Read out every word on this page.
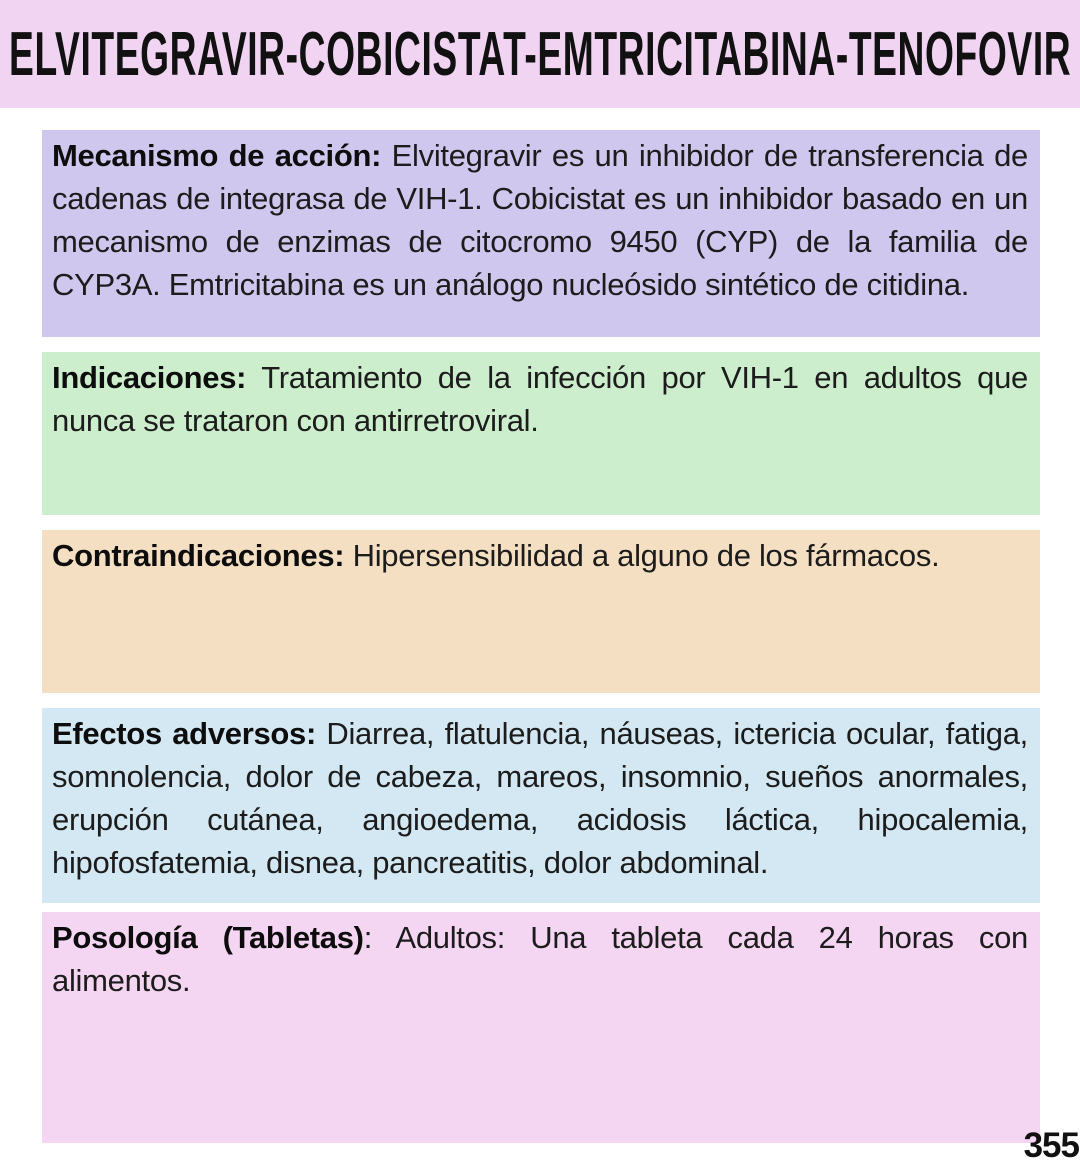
ELVITEGRAVIR-COBICISTAT-EMTRICITABINA-TENOFOVIR

Mecanismo de acción: Elvitegravir es un inhibidor de transferencia de cadenas de integrasa de VIH-1. Cobicistat es un inhibidor basado en un mecanismo de enzimas de citocromo 9450 (CYP) de la familia de CYP3A. Emtricitabina es un análogo nucleósido sintético de citidina.

Indicaciones: Tratamiento de la infección por VIH-1 en adultos que nunca se trataron con antirretroviral.

Contraindicaciones: Hipersensibilidad a alguno de los fármacos.

Efectos adversos: Diarrea, flatulencia, náuseas, ictericia ocular, fatiga, somnolencia, dolor de cabeza, mareos, insomnio, sueños anormales, erupción cutánea, angioedema, acidosis láctica, hipocalemia, hipofosfatemia, disnea, pancreatitis, dolor abdominal.

Posología (Tabletas): Adultos: Una tableta cada 24 horas con alimentos.

355
